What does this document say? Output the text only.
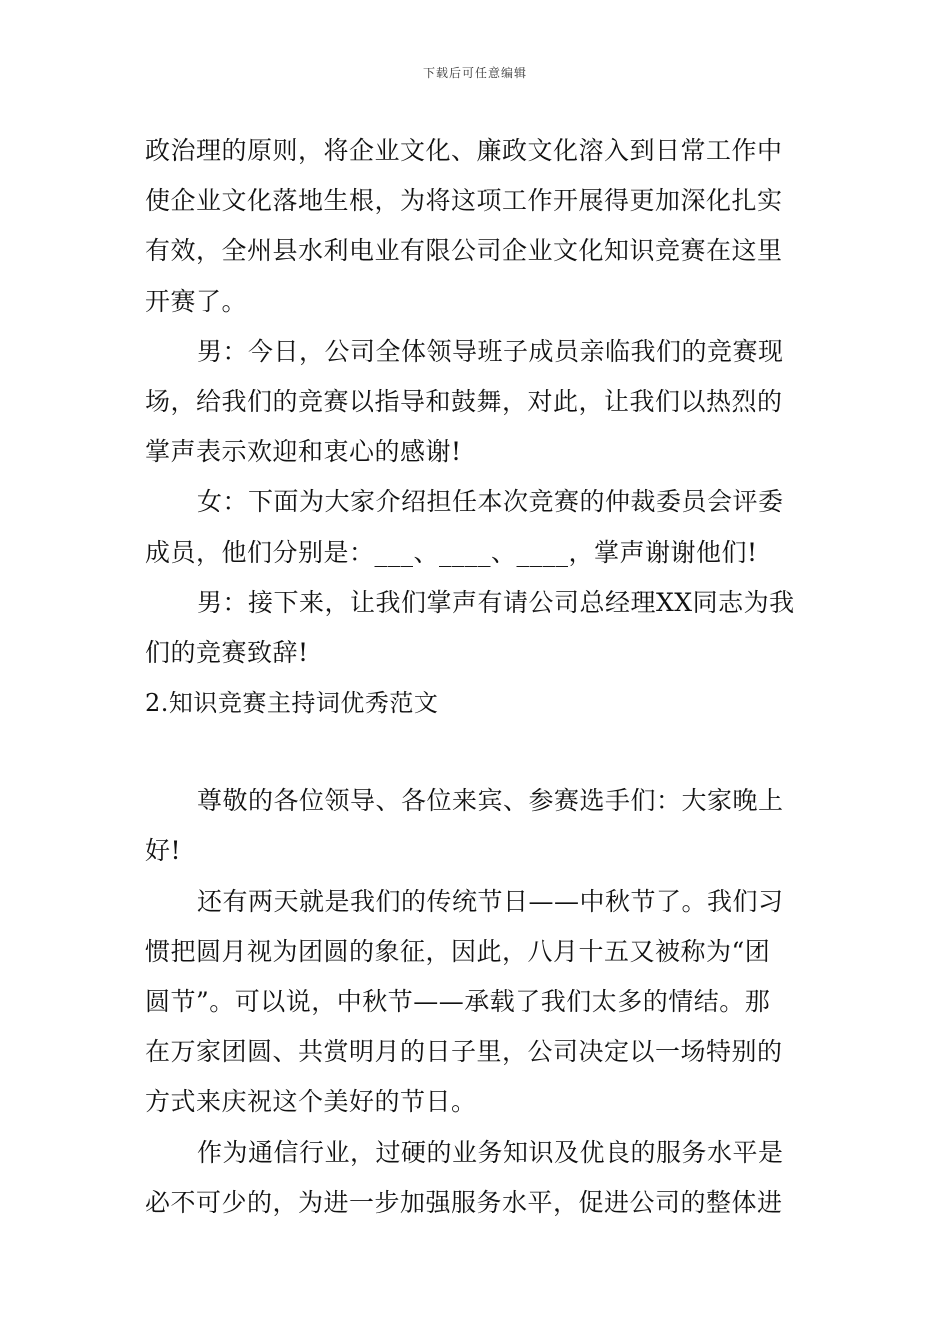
下载后可任意编辑
政治理的原则，将企业文化、廉政文化溶入到日常工作中
使企业文化落地生根，为将这项工作开展得更加深化扎实
有效，全州县水利电业有限公司企业文化知识竞赛在这里
开赛了。
男：今日，公司全体领导班子成员亲临我们的竞赛现
场，给我们的竞赛以指导和鼓舞，对此，让我们以热烈的
掌声表示欢迎和衷心的感谢!
女：下面为大家介绍担任本次竞赛的仲裁委员会评委
成员，他们分别是：___、____、____，掌声谢谢他们!
男：接下来，让我们掌声有请公司总经理XX同志为我
们的竞赛致辞!
2.知识竞赛主持词优秀范文
尊敬的各位领导、各位来宾、参赛选手们：大家晚上
好!
还有两天就是我们的传统节日——中秋节了。我们习
惯把圆月视为团圆的象征，因此，八月十五又被称为“团
圆节”。可以说，中秋节——承载了我们太多的情结。那
在万家团圆、共赏明月的日子里，公司决定以一场特别的
方式来庆祝这个美好的节日。
作为通信行业，过硬的业务知识及优良的服务水平是
必不可少的，为进一步加强服务水平，促进公司的整体进
